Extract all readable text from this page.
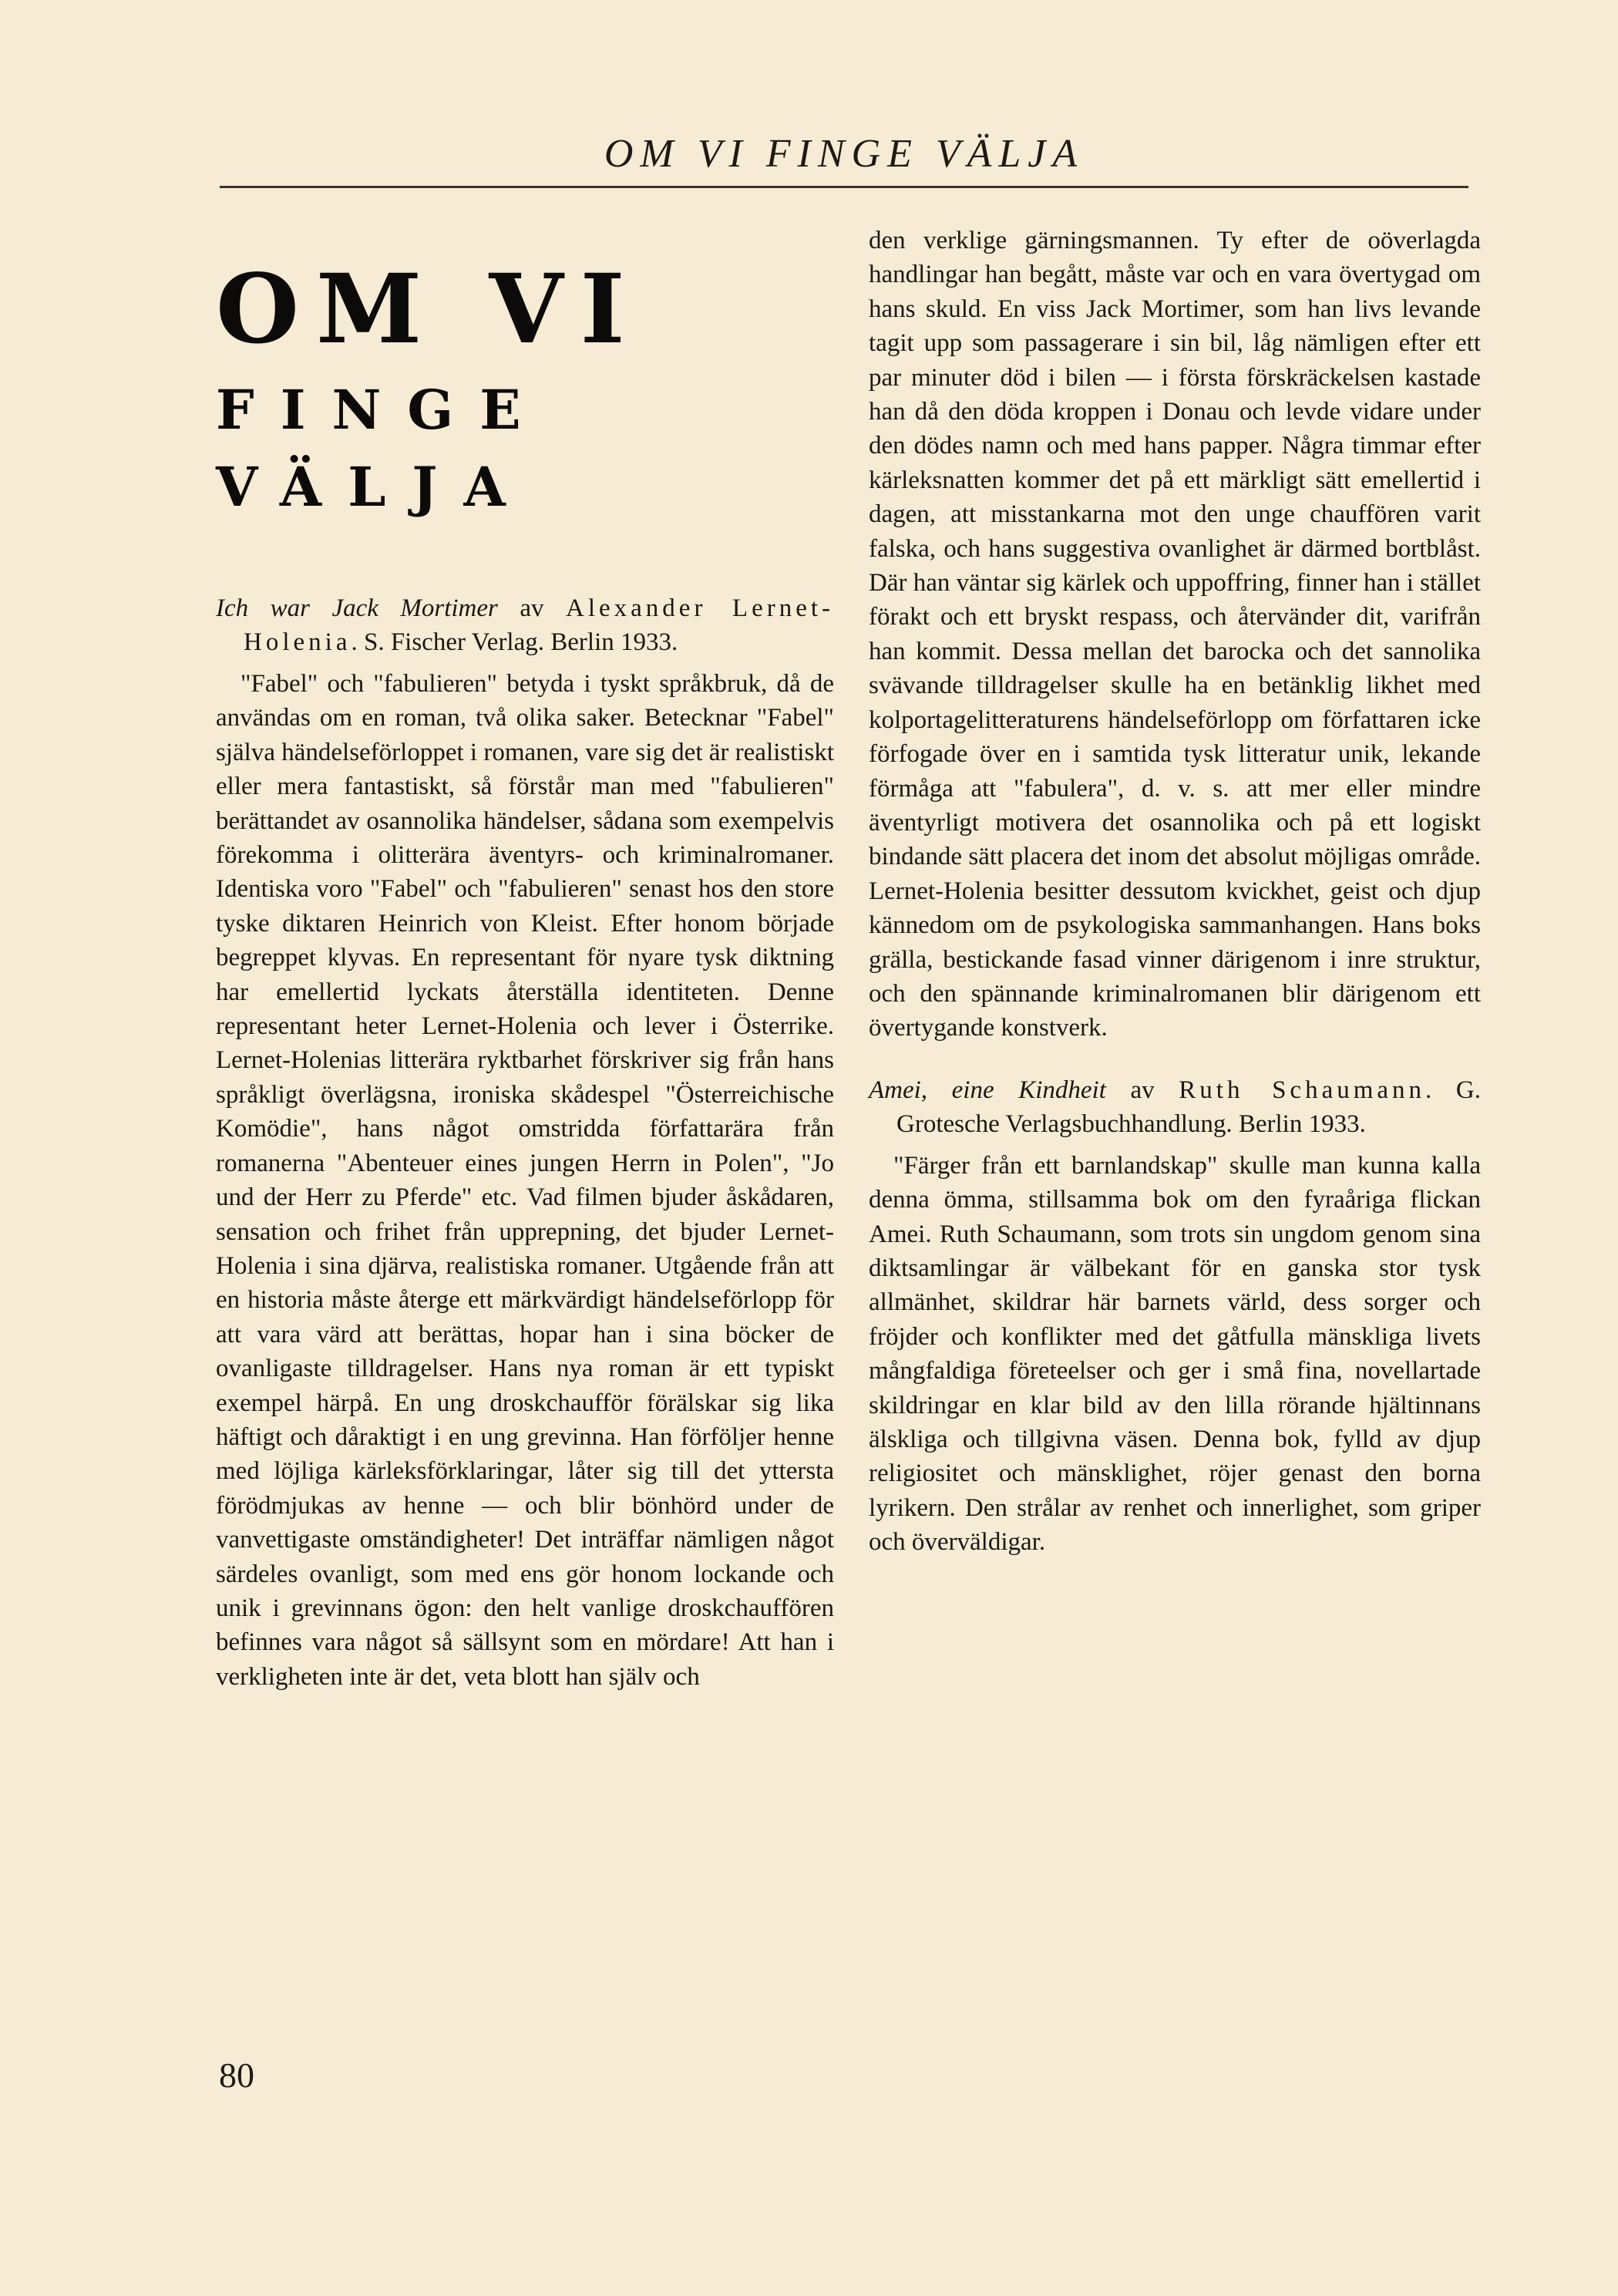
OM VI FINGE VÄLJA
OM VI
FINGE VÄLJA

Ich war Jack Mortimer av Alexander Lernet-Holenia. S. Fischer Verlag. Berlin 1933.

"Fabel" och "fabulieren" betyda i tyskt språkbruk, då de användas om en roman, två olika saker. Betecknar "Fabel" själva händelseförloppet i romanen, vare sig det är realistiskt eller mera fantastiskt, så förstår man med "fabulieren" berättandet av osannolika händelser, sådana som exempelvis förekomma i olitterära äventyrs- och kriminalromaner. Identiska voro "Fabel" och "fabulieren" senast hos den store tyske diktaren Heinrich von Kleist. Efter honom började begreppet klyvas. En representant för nyare tysk diktning har emellertid lyckats återställa identiteten. Denne representant heter Lernet-Holenia och lever i Österrike. Lernet-Holenias litterära ryktbarhet förskriver sig från hans språkligt överlägsna, ironiska skådespel "Österreichische Komödie", hans något omstridda författarära från romanerna "Abenteuer eines jungen Herrn in Polen", "Jo und der Herr zu Pferde" etc. Vad filmen bjuder åskådaren, sensation och frihet från upprepning, det bjuder Lernet-Holenia i sina djärva, realistiska romaner. Utgående från att en historia måste återge ett märkvärdigt händelseförlopp för att vara värd att berättas, hopar han i sina böcker de ovanligaste tilldragelser. Hans nya roman är ett typiskt exempel härpå. En ung droskchaufför förälskar sig lika häftigt och dåraktigt i en ung grevinna. Han förföljer henne med löjliga kärleksförklaringar, låter sig till det yttersta förödmjukas av henne — och blir bönhörd under de vanvettigaste omständigheter! Det inträffar nämligen något särdeles ovanligt, som med ens gör honom lockande och unik i grevinnans ögon: den helt vanlige droskchauffören befinnes vara något så sällsynt som en mördare! Att han i verkligheten inte är det, veta blott han själv och

den verklige gärningsmannen. Ty efter de oöverlagda handlingar han begått, måste var och en vara övertygad om hans skuld. En viss Jack Mortimer, som han livs levande tagit upp som passagerare i sin bil, låg nämligen efter ett par minuter död i bilen — i första förskräckelsen kastade han då den döda kroppen i Donau och levde vidare under den dödes namn och med hans papper. Några timmar efter kärleksnatten kommer det på ett märkligt sätt emellertid i dagen, att misstankarna mot den unge chauffören varit falska, och hans suggestiva ovanlighet är därmed bortblåst. Där han väntar sig kärlek och uppoffring, finner han i stället förakt och ett bryskt respass, och återvänder dit, varifrån han kommit. Dessa mellan det barocka och det sannolika svävande tilldragelser skulle ha en betänklig likhet med kolportagelitteraturens händelseförlopp om författaren icke förfogade över en i samtida tysk litteratur unik, lekande förmåga att "fabulera", d. v. s. att mer eller mindre äventyrligt motivera det osannolika och på ett logiskt bindande sätt placera det inom det absolut möjligas område. Lernet-Holenia besitter dessutom kvickhet, geist och djup kännedom om de psykologiska sammanhangen. Hans boks grälla, bestickande fasad vinner därigenom i inre struktur, och den spännande kriminalromanen blir därigenom ett övertygande konstverk.

Amei, eine Kindheit av Ruth Schaumann. G. Grotesche Verlagsbuchhandlung. Berlin 1933.

"Färger från ett barnlandskap" skulle man kunna kalla denna ömma, stillsamma bok om den fyraåriga flickan Amei. Ruth Schaumann, som trots sin ungdom genom sina diktsamlingar är välbekant för en ganska stor tysk allmänhet, skildrar här barnets värld, dess sorger och fröjder och konflikter med det gåtfulla mänskliga livets mångfaldiga företeelser och ger i små fina, novellartade skildringar en klar bild av den lilla rörande hjältinnans älskliga och tillgivna väsen. Denna bok, fylld av djup religiositet och mänsklighet, röjer genast den borna lyrikern. Den strålar av renhet och innerlighet, som griper och överväldigar.

80
